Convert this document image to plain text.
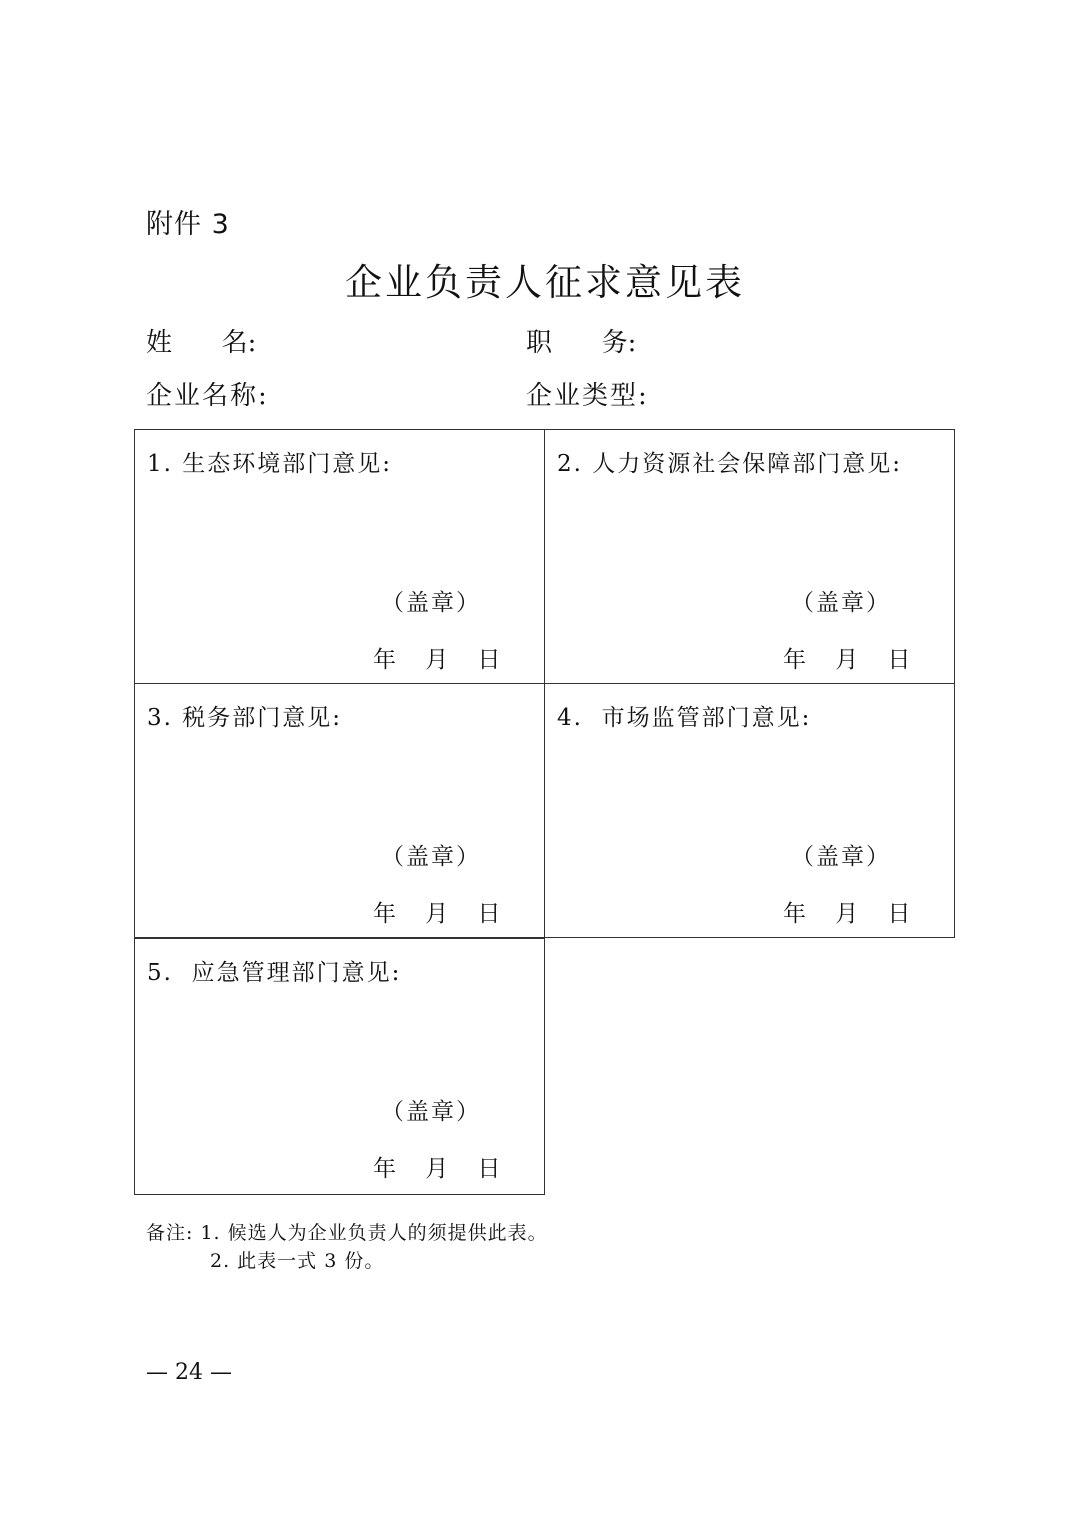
附件 3
企业负责人征求意见表
姓      名:	职      务:
企业名称:	企业类型:
1. 生态环境部门意见:
（盖章）
年    月    日
2. 人力资源社会保障部门意见:
（盖章）
年    月    日
3. 税务部门意见:
（盖章）
年    月    日
4.  市场监管部门意见:
（盖章）
年    月    日
5.  应急管理部门意见:
（盖章）
年    月    日
备注: 1. 候选人为企业负责人的须提供此表。
2. 此表一式 3 份。
— 24 —
